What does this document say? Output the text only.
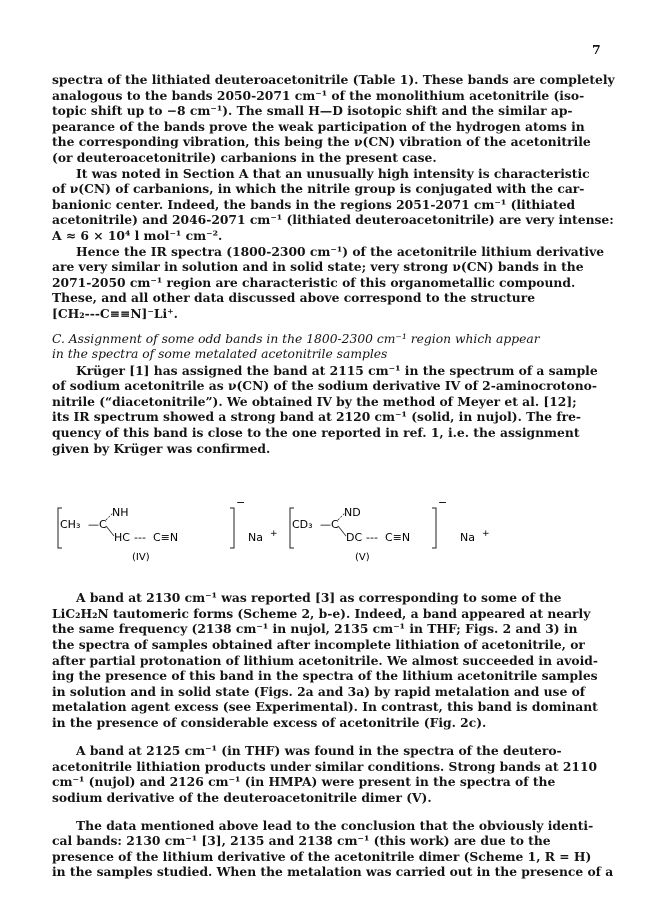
7

spectra of the lithiated deuteroacetonitrile (Table 1). These bands are completely
analogous to the bands 2050-2071 cm⁻¹ of the monolithium acetonitrile (iso-
topic shift up to −8 cm⁻¹). The small H—D isotopic shift and the similar ap-
pearance of the bands prove the weak participation of the hydrogen atoms in
the corresponding vibration, this being the ν(CN) vibration of the acetonitrile
(or deuteroacetonitrile) carbanions in the present case.

It was noted in Section A that an unusually high intensity is characteristic
of ν(CN) of carbanions, in which the nitrile group is conjugated with the car-
banionic center. Indeed, the bands in the regions 2051-2071 cm⁻¹ (lithiated
acetonitrile) and 2046-2071 cm⁻¹ (lithiated deuteroacetonitrile) are very intense:
A ≈ 6 × 10⁴ l mol⁻¹ cm⁻².

Hence the IR spectra (1800-2300 cm⁻¹) of the acetonitrile lithium derivative
are very similar in solution and in solid state; very strong ν(CN) bands in the
2071-2050 cm⁻¹ region are characteristic of this organometallic compound.
These, and all other data discussed above correspond to the structure
[CH₂---C≡≡N]⁻Li⁺.

C. Assignment of some odd bands in the 1800-2300 cm⁻¹ region which appear
in the spectra of some metalated acetonitrile samples

Krüger [1] has assigned the band at 2115 cm⁻¹ in the spectrum of a sample
of sodium acetonitrile as ν(CN) of the sodium derivative IV of 2-aminocrotono-
nitrile (“diacetonitrile”). We obtained IV by the method of Meyer et al. [12];
its IR spectrum showed a strong band at 2120 cm⁻¹ (solid, in nujol). The fre-
quency of this band is close to the one reported in ref. 1, i.e. the assignment
given by Krüger was confirmed.

NH
CH₃ —C
HC --- C≡N
−
Na +
(IV)
ND
CD₃ —C
DC --- C≡N
−
Na +
(V)

A band at 2130 cm⁻¹ was reported [3] as corresponding to some of the
LiC₂H₂N tautomeric forms (Scheme 2, b-e). Indeed, a band appeared at nearly
the same frequency (2138 cm⁻¹ in nujol, 2135 cm⁻¹ in THF; Figs. 2 and 3) in
the spectra of samples obtained after incomplete lithiation of acetonitrile, or
after partial protonation of lithium acetonitrile. We almost succeeded in avoid-
ing the presence of this band in the spectra of the lithium acetonitrile samples
in solution and in solid state (Figs. 2a and 3a) by rapid metalation and use of
metalation agent excess (see Experimental). In contrast, this band is dominant
in the presence of considerable excess of acetonitrile (Fig. 2c).

A band at 2125 cm⁻¹ (in THF) was found in the spectra of the deutero-
acetonitrile lithiation products under similar conditions. Strong bands at 2110
cm⁻¹ (nujol) and 2126 cm⁻¹ (in HMPA) were present in the spectra of the
sodium derivative of the deuteroacetonitrile dimer (V).

The data mentioned above lead to the conclusion that the obviously identi-
cal bands: 2130 cm⁻¹ [3], 2135 and 2138 cm⁻¹ (this work) are due to the
presence of the lithium derivative of the acetonitrile dimer (Scheme 1, R = H)
in the samples studied. When the metalation was carried out in the presence of a
